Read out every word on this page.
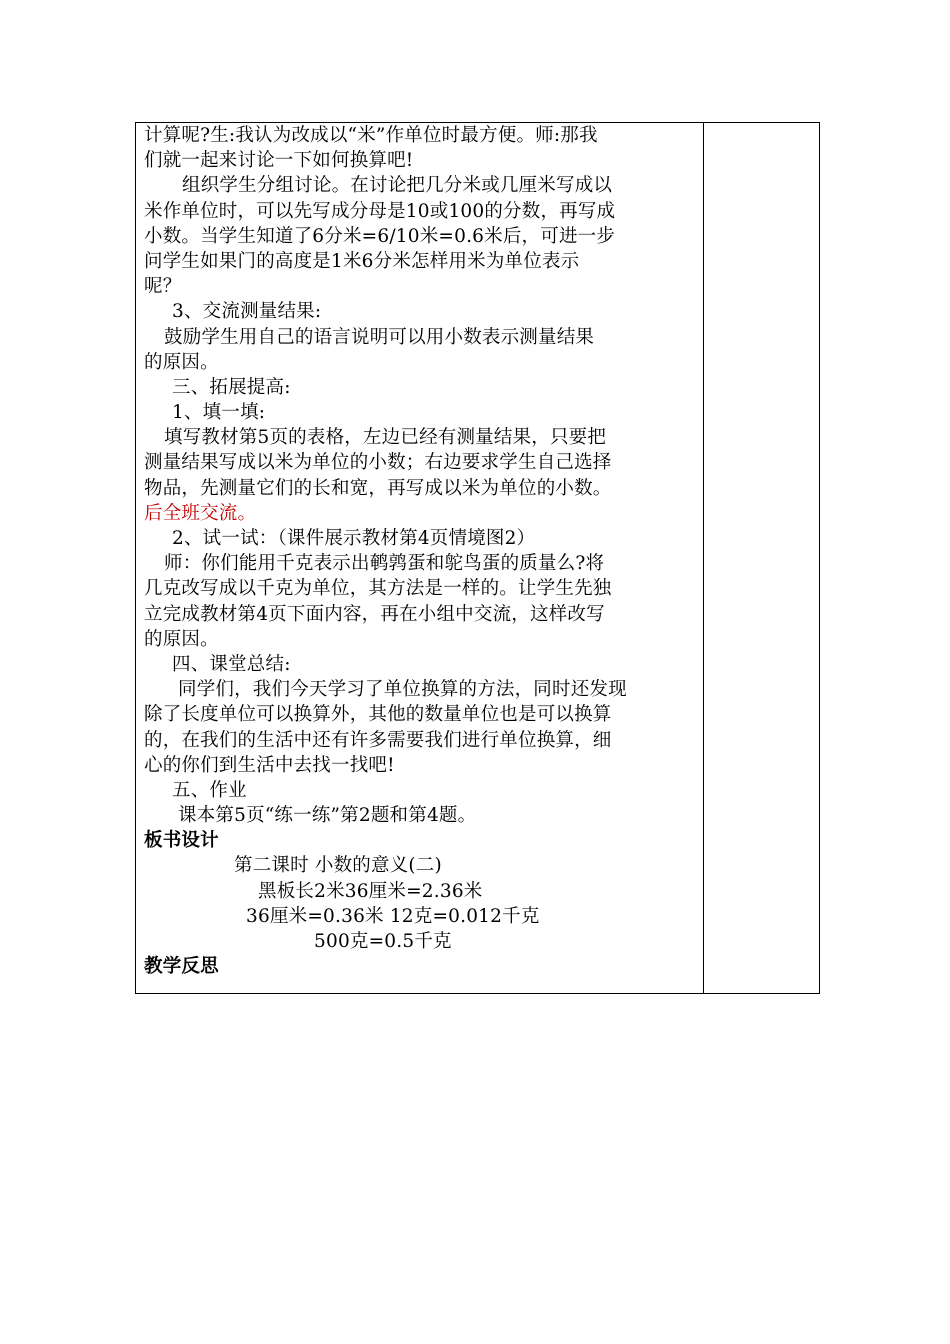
计算呢?生:我认为改成以“米”作单位时最方便。师:那我
们就一起来讨论一下如何换算吧!
组织学生分组讨论。在讨论把几分米或几厘米写成以
米作单位时，可以先写成分母是10或100的分数，再写成
小数。当学生知道了6分米=6/10米=0.6米后，可进一步
问学生如果门的高度是1米6分米怎样用米为单位表示
呢？
3、交流测量结果:
鼓励学生用自己的语言说明可以用小数表示测量结果
的原因。
三、拓展提高:
1、填一填:
填写教材第5页的表格，左边已经有测量结果，只要把
测量结果写成以米为单位的小数；右边要求学生自己选择
物品，先测量它们的长和宽，再写成以米为单位的小数。
后全班交流。
2、试一试：（课件展示教材第4页情境图2）
师：你们能用千克表示出鹌鹑蛋和鸵鸟蛋的质量么?将
几克改写成以千克为单位，其方法是一样的。让学生先独
立完成教材第4页下面内容，再在小组中交流，这样改写
的原因。
四、课堂总结:
同学们，我们今天学习了单位换算的方法，同时还发现
除了长度单位可以换算外，其他的数量单位也是可以换算
的，在我们的生活中还有许多需要我们进行单位换算，细
心的你们到生活中去找一找吧!
五、作业
课本第5页“练一练”第2题和第4题。
板书设计
第二课时 小数的意义(二)
黑板长2米36厘米=2.36米
36厘米=0.36米 12克=0.012千克
500克=0.5千克
教学反思
